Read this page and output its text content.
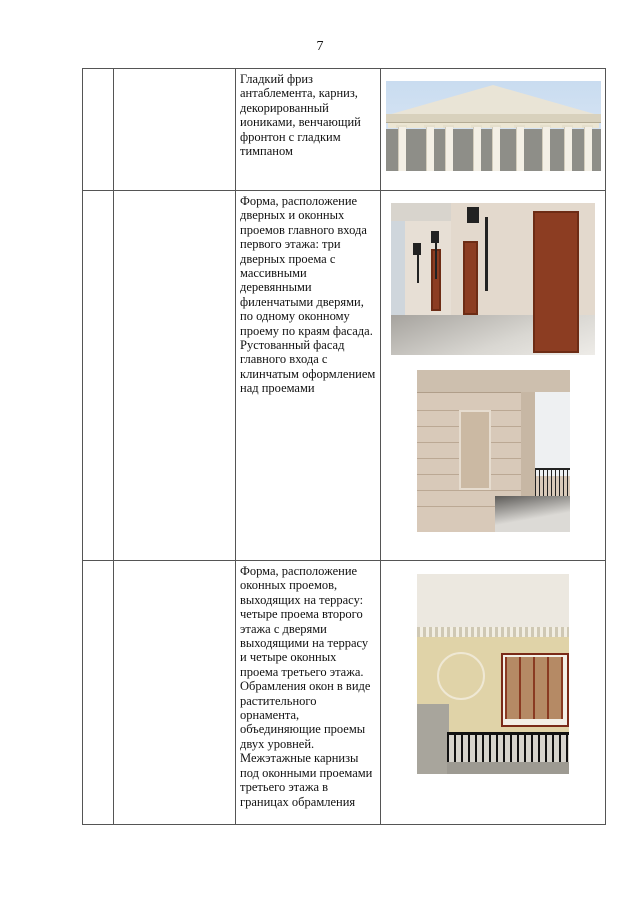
7

		Гладкий фриз антаблемента, карниз, декорированный иониками, венчающий фронтон с гладким тимпаном	

		Форма, расположение дверных и оконных проемов главного входа первого этажа: три дверных проема с массивными деревянными филенчатыми дверями, по одному оконному проему по краям фасада. Рустованный фасад главного входа с клинчатым оформлением над проемами	

		Форма, расположение оконных проемов, выходящих на террасу: четыре проема второго этажа с дверями выходящими на террасу и четыре оконных проема третьего этажа. Обрамления окон в виде растительного орнамента, объединяющие проемы двух уровней. Межэтажные карнизы под оконными проемами третьего этажа в границах обрамления	
